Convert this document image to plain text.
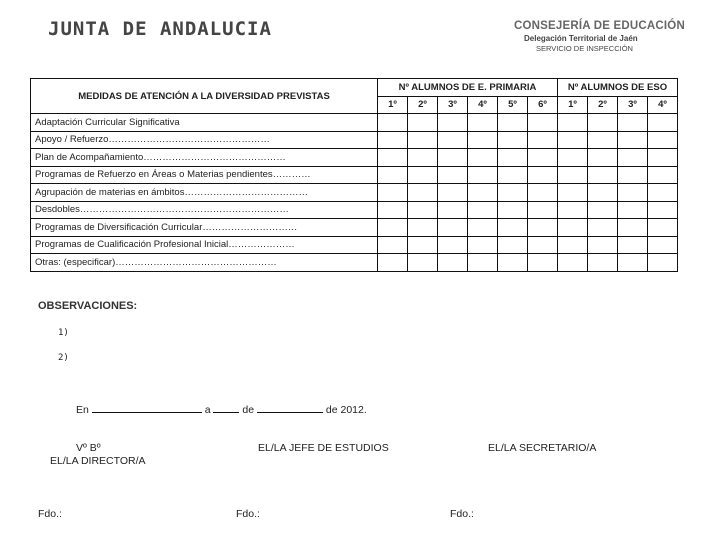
JUNTA DE ANDALUCIA	CONSEJERÍA DE EDUCACIÓN
Delegación Territorial de Jaén
SERVICIO DE INSPECCIÓN
MEDIDAS DE ATENCIÓN A LA DIVERSIDAD PREVISTAS	Nº ALUMNOS DE E. PRIMARIA						Nº ALUMNOS DE ESO			
	1º	2º	3º	4º	5º	6º	1º	2º	3º	4º
Adaptación Curricular Significativa										
Apoyo / Refuerzo……………………………………………										
Plan de Acompañamiento………………………………………										
Programas de Refuerzo en Áreas o Materias pendientes…………										
Agrupación de materias en ámbitos…………………………………										
Desdobles…………………………………………………………										
Programas de Diversificación Curricular…………………………										
Programas de Cualificación Profesional Inicial…………………										
Otras: (especificar)……………………………………………										
OBSERVACIONES:
1)
2)
En	a	de	de 2012.
Vº Bº
EL/LA DIRECTOR/A
EL/LA JEFE DE ESTUDIOS	EL/LA SECRETARIO/A
Fdo.:	Fdo.:	Fdo.:
